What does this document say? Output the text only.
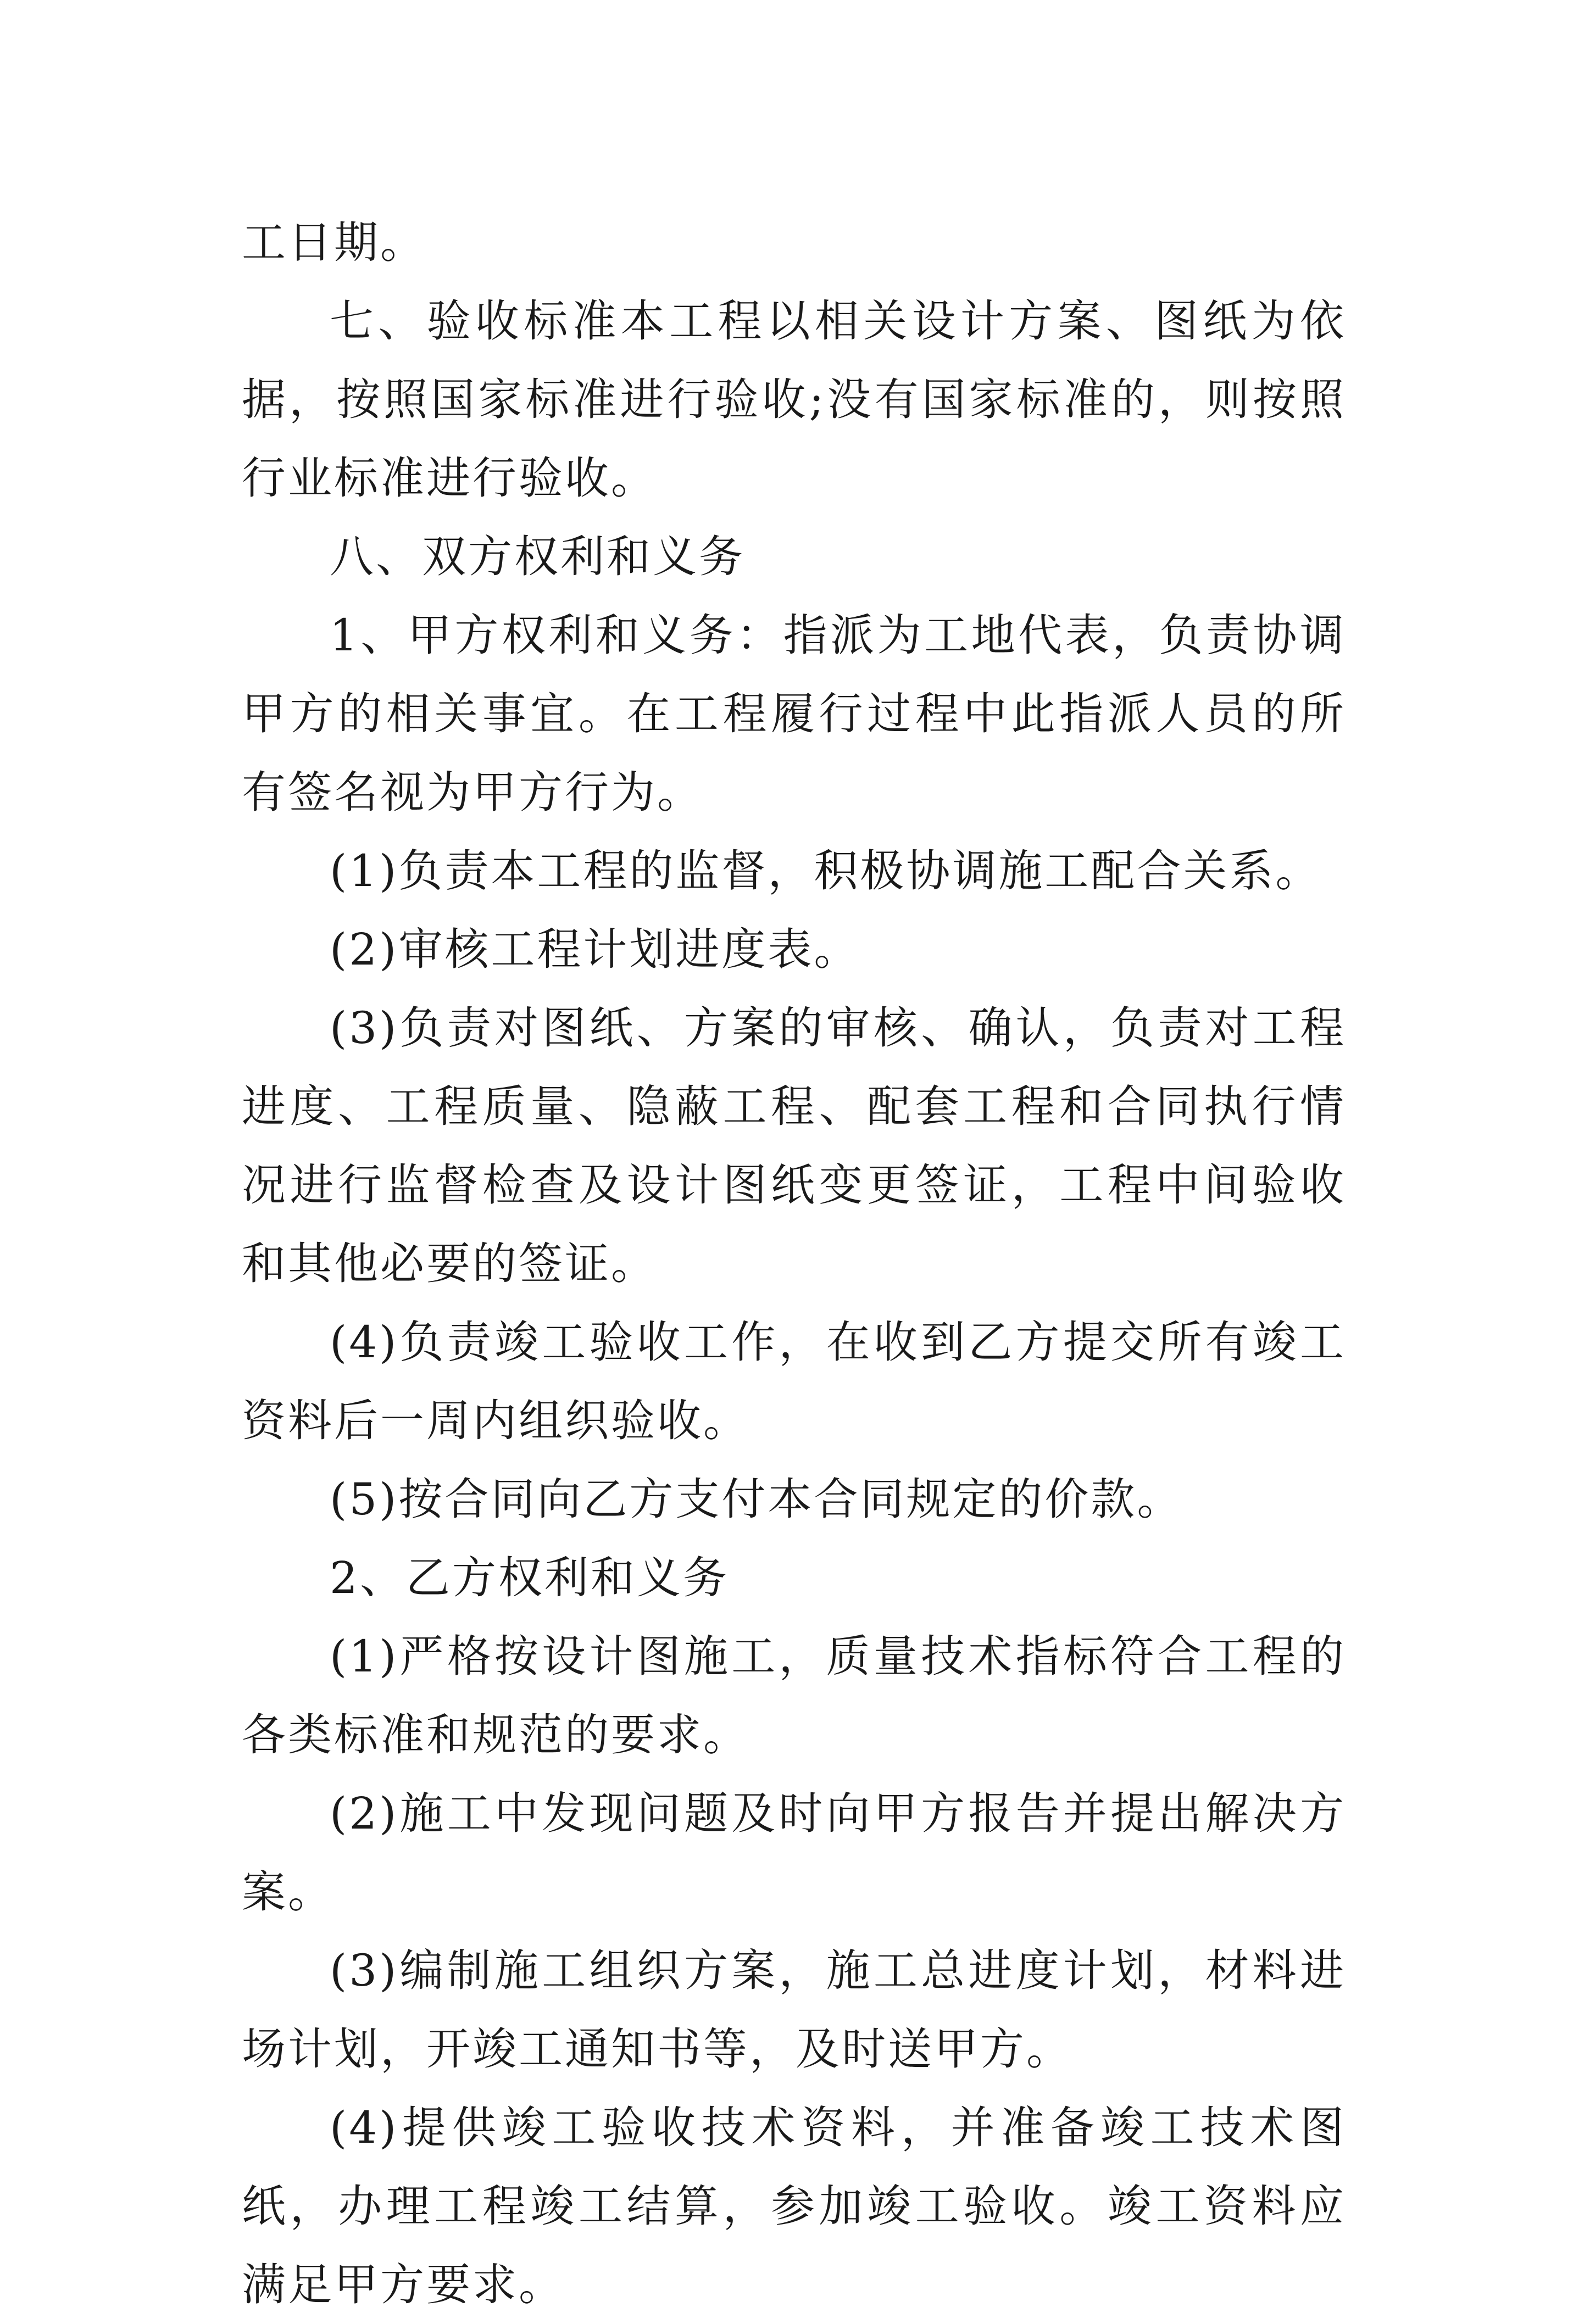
工日期。

七、验收标准本工程以相关设计方案、图纸为依据，按照国家标准进行验收;没有国家标准的，则按照行业标准进行验收。

八、双方权利和义务

1、甲方权利和义务：指派为工地代表，负责协调甲方的相关事宜。在工程履行过程中此指派人员的所有签名视为甲方行为。

(1)负责本工程的监督，积极协调施工配合关系。

(2)审核工程计划进度表。

(3)负责对图纸、方案的审核、确认，负责对工程进度、工程质量、隐蔽工程、配套工程和合同执行情况进行监督检查及设计图纸变更签证，工程中间验收和其他必要的签证。

(4)负责竣工验收工作，在收到乙方提交所有竣工资料后一周内组织验收。

(5)按合同向乙方支付本合同规定的价款。

2、乙方权利和义务

(1)严格按设计图施工，质量技术指标符合工程的各类标准和规范的要求。

(2)施工中发现问题及时向甲方报告并提出解决方案。

(3)编制施工组织方案，施工总进度计划，材料进场计划，开竣工通知书等，及时送甲方。

(4)提供竣工验收技术资料，并准备竣工技术图纸，办理工程竣工结算，参加竣工验收。竣工资料应满足甲方要求。
